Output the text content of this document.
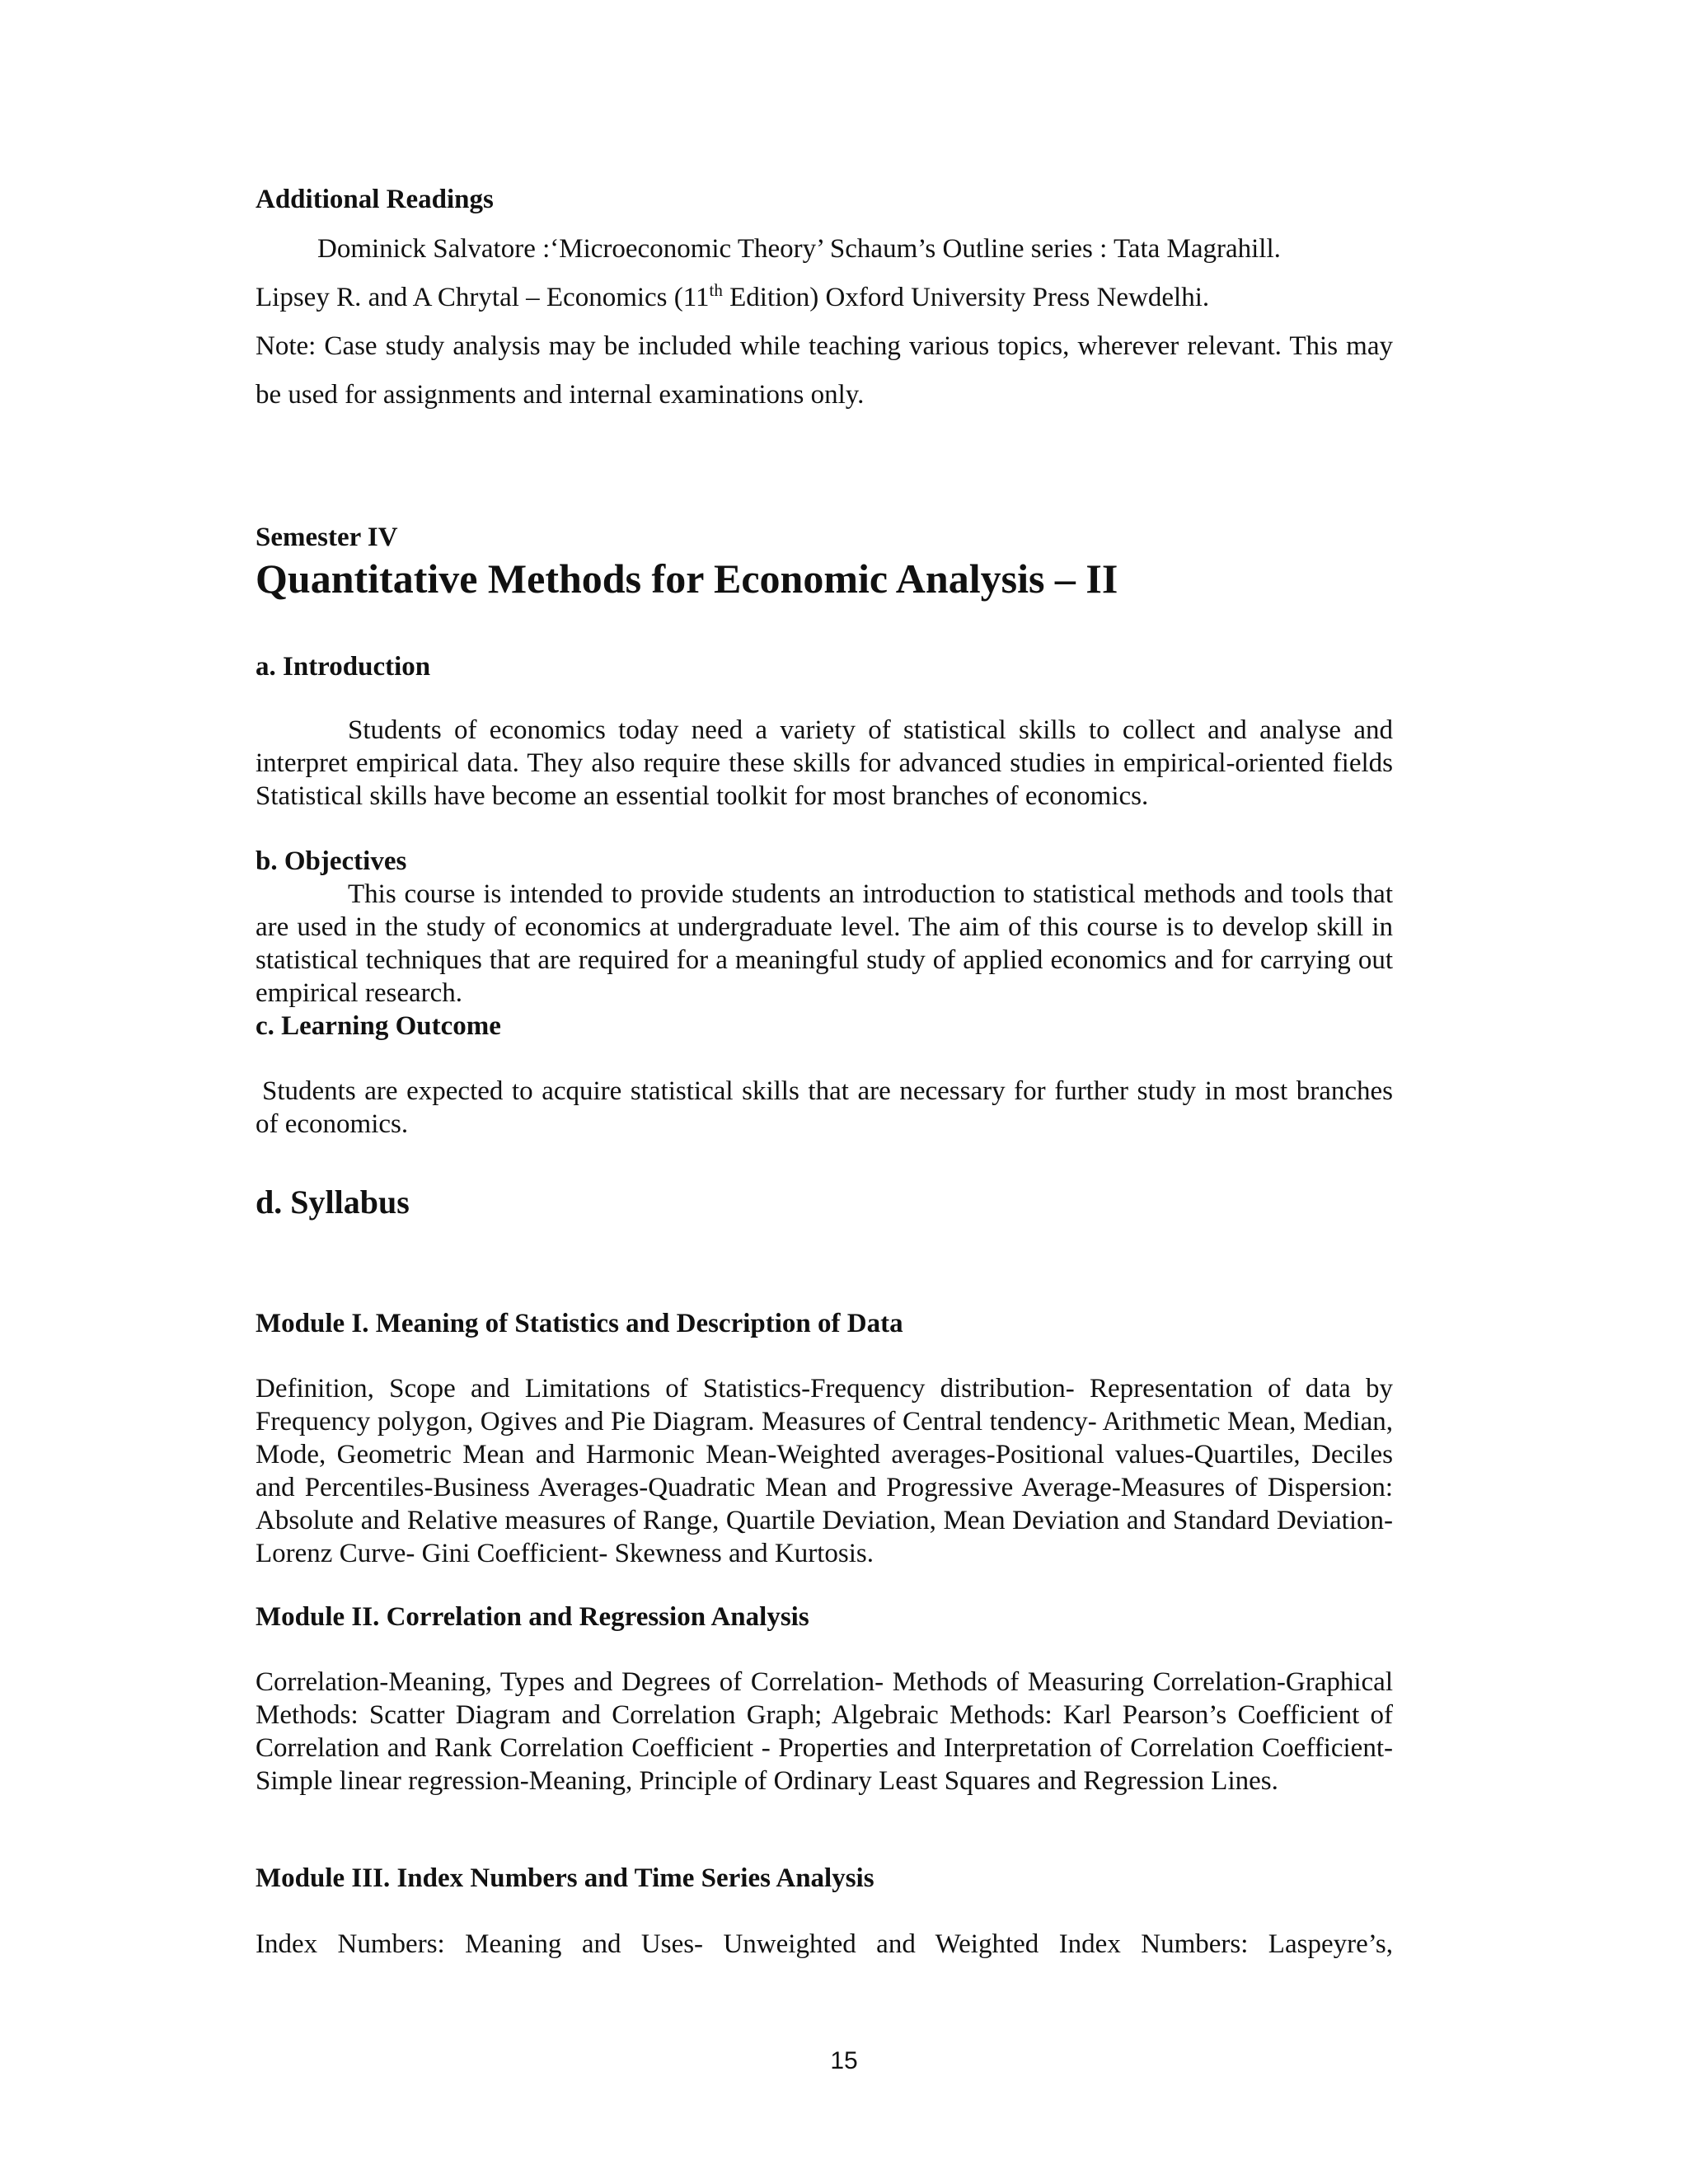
Additional Readings

Dominick Salvatore :‘Microeconomic Theory’ Schaum’s Outline series : Tata Magrahill.

Lipsey R. and A Chrytal – Economics (11th Edition) Oxford University Press Newdelhi.

Note: Case study analysis may be included while teaching various topics, wherever relevant. This may be used for assignments and internal examinations only.

Semester IV
Quantitative Methods for Economic Analysis – II
a. Introduction

Students of economics today need a variety of statistical skills to collect and analyse and interpret empirical data. They also require these skills for advanced studies in empirical-oriented fields Statistical skills have become an essential toolkit for most branches of economics.

b. Objectives

This course is intended to provide students an introduction to statistical methods and tools that are used in the study of economics at undergraduate level. The aim of this course is to develop skill in statistical techniques that are required for a meaningful study of applied economics and for carrying out empirical research.

c. Learning Outcome

Students are expected to acquire statistical skills that are necessary for further study in most branches of economics.

d. Syllabus
Module I. Meaning of Statistics and Description of Data

Definition, Scope and Limitations of Statistics-Frequency distribution- Representation of data by Frequency polygon, Ogives and Pie Diagram. Measures of Central tendency- Arithmetic Mean, Median, Mode, Geometric Mean and Harmonic Mean-Weighted averages-Positional values-Quartiles, Deciles and Percentiles-Business Averages-Quadratic Mean and Progressive Average-Measures of Dispersion: Absolute and Relative measures of Range, Quartile Deviation, Mean Deviation and Standard Deviation- Lorenz Curve- Gini Coefficient- Skewness and Kurtosis.

Module II. Correlation and Regression Analysis

Correlation-Meaning, Types and Degrees of Correlation- Methods of Measuring Correlation-Graphical Methods: Scatter Diagram and Correlation Graph; Algebraic Methods: Karl Pearson’s Coefficient of Correlation and Rank Correlation Coefficient - Properties and Interpretation of Correlation Coefficient-Simple linear regression-Meaning, Principle of Ordinary Least Squares and Regression Lines.

Module III. Index Numbers and Time Series Analysis

Index Numbers: Meaning and Uses- Unweighted and Weighted Index Numbers: Laspeyre’s,

15
